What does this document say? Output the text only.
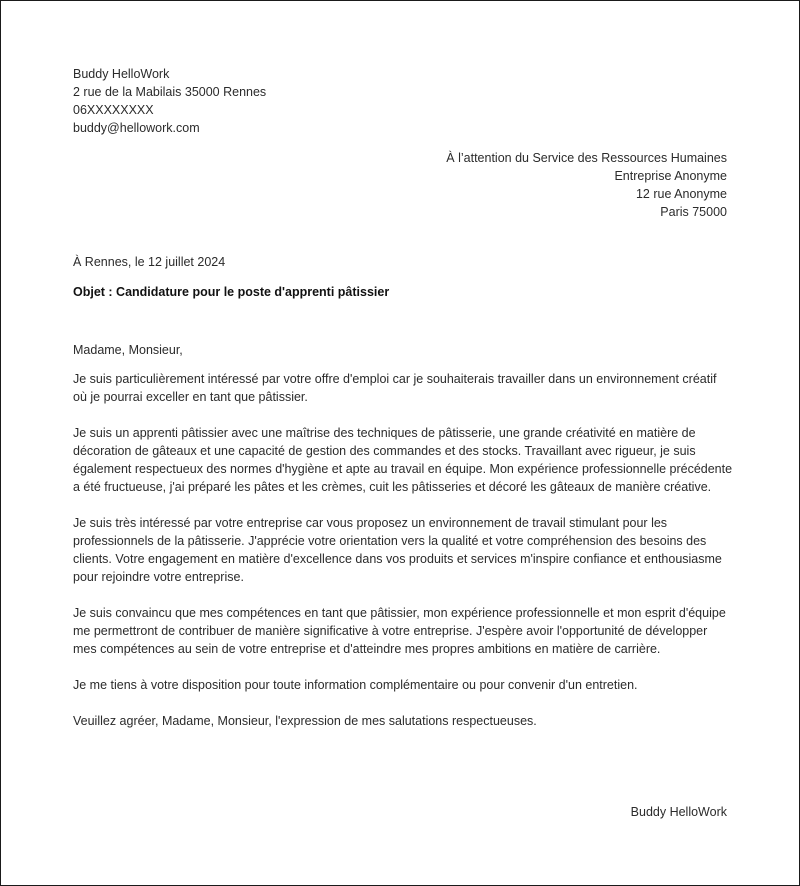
Buddy HelloWork
2 rue de la Mabilais 35000 Rennes
06XXXXXXXX
buddy@hellowork.com
À l’attention du Service des Ressources Humaines
Entreprise Anonyme
12 rue Anonyme
Paris 75000
À Rennes, le 12 juillet 2024
Objet : Candidature pour le poste d'apprenti pâtissier

Madame, Monsieur,

Je suis particulièrement intéressé par votre offre d'emploi car je souhaiterais travailler dans un environnement créatif où je pourrai exceller en tant que pâtissier.

Je suis un apprenti pâtissier avec une maîtrise des techniques de pâtisserie, une grande créativité en matière de décoration de gâteaux et une capacité de gestion des commandes et des stocks. Travaillant avec rigueur, je suis également respectueux des normes d'hygiène et apte au travail en équipe. Mon expérience professionnelle précédente a été fructueuse, j'ai préparé les pâtes et les crèmes, cuit les pâtisseries et décoré les gâteaux de manière créative.

Je suis très intéressé par votre entreprise car vous proposez un environnement de travail stimulant pour les professionnels de la pâtisserie. J'apprécie votre orientation vers la qualité et votre compréhension des besoins des clients. Votre engagement en matière d'excellence dans vos produits et services m'inspire confiance et enthousiasme pour rejoindre votre entreprise.

Je suis convaincu que mes compétences en tant que pâtissier, mon expérience professionnelle et mon esprit d'équipe me permettront de contribuer de manière significative à votre entreprise. J'espère avoir l'opportunité de développer mes compétences au sein de votre entreprise et d'atteindre mes propres ambitions en matière de carrière.

Je me tiens à votre disposition pour toute information complémentaire ou pour convenir d'un entretien.

Veuillez agréer, Madame, Monsieur, l'expression de mes salutations respectueuses.

Buddy HelloWork
